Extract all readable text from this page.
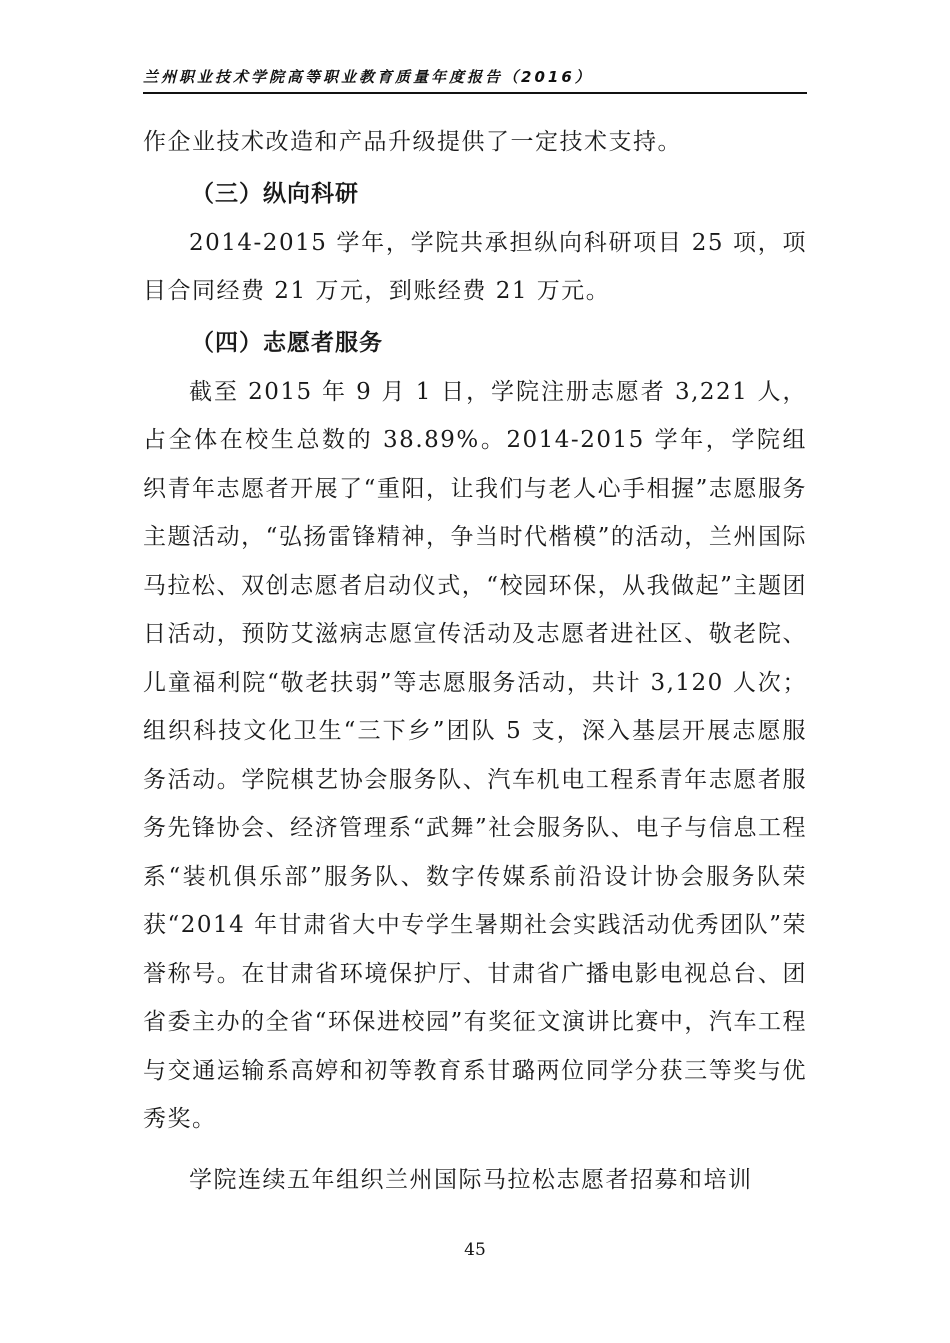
兰州职业技术学院高等职业教育质量年度报告（2016）

作企业技术改造和产品升级提供了一定技术支持。

（三）纵向科研

2014-2015 学年，学院共承担纵向科研项目 25 项，项目合同经费 21 万元，到账经费 21 万元。

（四）志愿者服务

截至 2015 年 9 月 1 日，学院注册志愿者 3,221 人，占全体在校生总数的 38.89%。2014-2015 学年，学院组织青年志愿者开展了“重阳，让我们与老人心手相握”志愿服务主题活动，“弘扬雷锋精神，争当时代楷模”的活动，兰州国际马拉松、双创志愿者启动仪式，“校园环保，从我做起”主题团日活动，预防艾滋病志愿宣传活动及志愿者进社区、敬老院、儿童福利院“敬老扶弱”等志愿服务活动，共计 3,120 人次；组织科技文化卫生“三下乡”团队 5 支，深入基层开展志愿服务活动。学院棋艺协会服务队、汽车机电工程系青年志愿者服务先锋协会、经济管理系“武舞”社会服务队、电子与信息工程系“装机俱乐部”服务队、数字传媒系前沿设计协会服务队荣获“2014 年甘肃省大中专学生暑期社会实践活动优秀团队”荣誉称号。在甘肃省环境保护厅、甘肃省广播电影电视总台、团省委主办的全省“环保进校园”有奖征文演讲比赛中，汽车工程与交通运输系高婷和初等教育系甘璐两位同学分获三等奖与优秀奖。

学院连续五年组织兰州国际马拉松志愿者招募和培训

45
